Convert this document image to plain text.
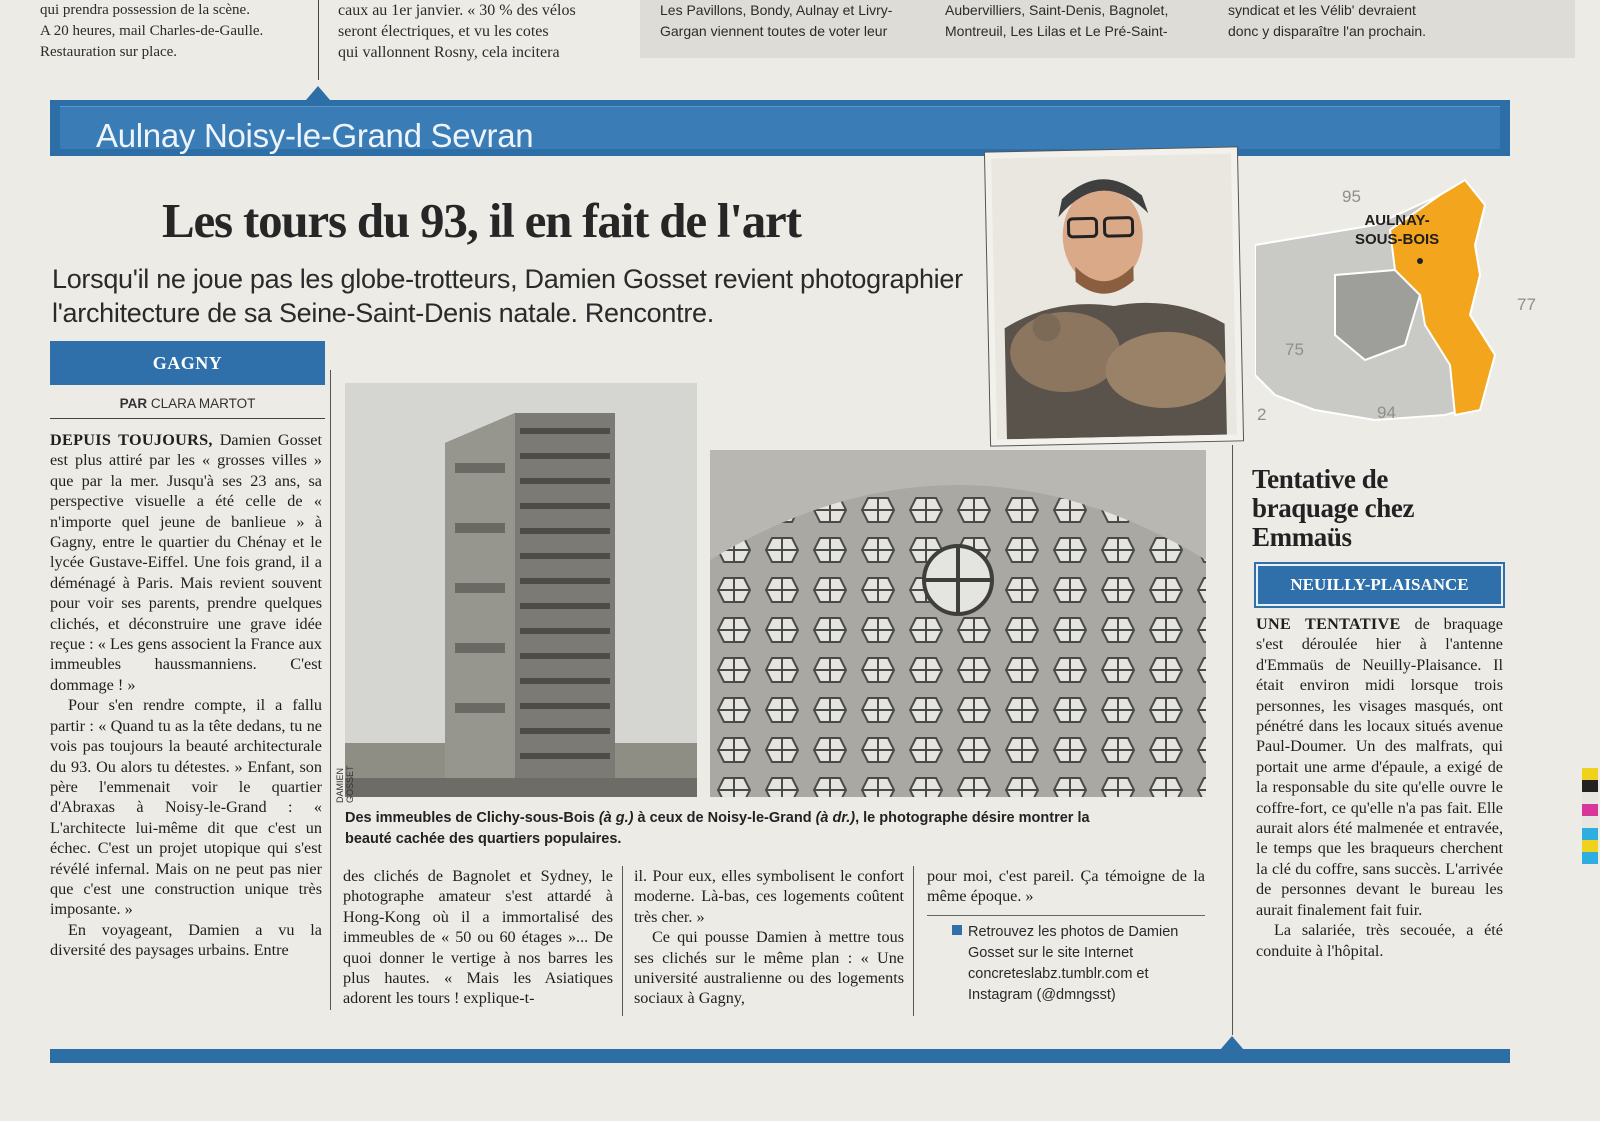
qui prendra possession de la scène.
A 20 heures, mail Charles-de-Gaulle.
Restauration sur place.
caux au 1er janvier. « 30 % des vélos
seront électriques, et vu les cotes
qui vallonnent Rosny, cela incitera
Les Pavillons, Bondy, Aulnay et Livry-
Gargan viennent toutes de voter leur
Aubervilliers, Saint-Denis, Bagnolet,
Montreuil, Les Lilas et Le Pré-Saint-
syndicat et les Vélib' devraient
donc y disparaître l'an prochain.
Aulnay Noisy-le-Grand Sevran
Les tours du 93, il en fait de l'art
Lorsqu'il ne joue pas les globe-trotteurs, Damien Gosset revient photographier l'architecture de sa Seine-Saint-Denis natale. Rencontre.
GAGNY
PAR CLARA MARTOT

DEPUIS TOUJOURS, Damien Gosset est plus attiré par les « grosses villes » que par la mer. Jusqu'à ses 23 ans, sa perspective visuelle a été celle de « n'importe quel jeune de banlieue » à Gagny, entre le quartier du Chénay et le lycée Gustave-Eiffel. Une fois grand, il a déménagé à Paris. Mais revient souvent pour voir ses parents, prendre quelques clichés, et déconstruire une grave idée reçue : « Les gens associent la France aux immeubles haussmanniens. C'est dommage ! »

Pour s'en rendre compte, il a fallu partir : « Quand tu as la tête dedans, tu ne vois pas toujours la beauté architecturale du 93. Ou alors tu détestes. » Enfant, son père l'emmenait voir le quartier d'Abraxas à Noisy-le-Grand : « L'architecte lui-même dit que c'est un échec. C'est un projet utopique qui s'est révélé infernal. Mais on ne peut pas nier que c'est une construction unique très imposante. »

En voyageant, Damien a vu la diversité des paysages urbains. Entre

DAMIEN GOSSET
Des immeubles de Clichy-sous-Bois (à g.) à ceux de Noisy-le-Grand (à dr.), le photographe désire montrer la beauté cachée des quartiers populaires.

des clichés de Bagnolet et Sydney, le photographe amateur s'est attardé à Hong-Kong où il a immortalisé des immeubles de « 50 ou 60 étages »... De quoi donner le vertige à nos barres les plus hautes. « Mais les Asiatiques adorent les tours ! explique-t-

il. Pour eux, elles symbolisent le confort moderne. Là-bas, ces logements coûtent très cher. »

Ce qui pousse Damien à mettre tous ses clichés sur le même plan : « Une université australienne ou des logements sociaux à Gagny,

pour moi, c'est pareil. Ça témoigne de la même époque. »

Retrouvez les photos de Damien Gosset sur le site Internet concreteslabz.tumblr.com et Instagram (@dmngsst)
AULNAY-
SOUS-BOIS
95
75
77
94
2
Tentative de braquage chez Emmaüs
NEUILLY-PLAISANCE

UNE TENTATIVE de braquage s'est déroulée hier à l'antenne d'Emmaüs de Neuilly-Plaisance. Il était environ midi lorsque trois personnes, les visages masqués, ont pénétré dans les locaux situés avenue Paul-Doumer. Un des malfrats, qui portait une arme d'épaule, a exigé de la responsable du site qu'elle ouvre le coffre-fort, ce qu'elle n'a pas fait. Elle aurait alors été malmenée et entravée, le temps que les braqueurs cherchent la clé du coffre, sans succès. L'arrivée de personnes devant le bureau les aurait finalement fait fuir.

La salariée, très secouée, a été conduite à l'hôpital.
